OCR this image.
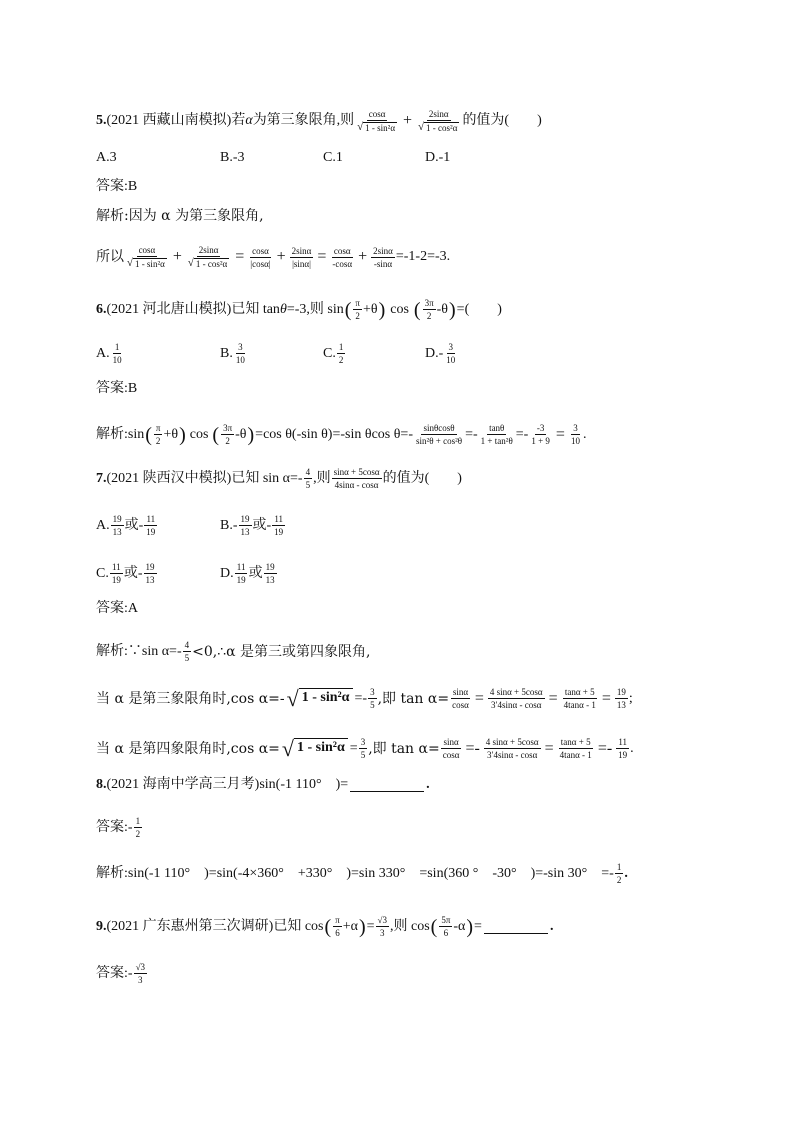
5. (2021 西藏山南模拟)若 α 为第三象限角,则 $\frac{\cos\alpha}{\text{√ 1 - sin²α}} + \frac{2\sin\alpha}{\text{√ 1 - cos²α}}$ 的值为(　　)
A.3	B.-3	C.1	D.-1
答案:B
解析:因为 α 为第三象限角,
所以 $\frac{\cos\alpha}{\text{√ 1 - sin²α}} + \frac{2\sin\alpha}{\text{√ 1 - cos²α}} = \frac{\cos\alpha}{|\cos\alpha|} + \frac{2\sin\alpha}{|\sin\alpha|} = \frac{\cos\alpha}{-\cos\alpha} + \frac{2\sin\alpha}{-\sin\alpha} =-1-2=-3$.
6. (2021 河北唐山模拟)已知 tan θ =-3,则 sin ( $\frac{\pi}{2} +\theta$ ) cos ( $\frac{3\pi}{2} -\theta$ ) =(　　)
A. $\frac{1}{10}$	B. $\frac{3}{10}$	C. $\frac{1}{2}$	$D.- \frac{3}{10}$
答案:B
解析:sin ( $\frac{\pi}{2} +\theta$ ) cos ( $\frac{3\pi}{2} -\theta$ ) =cos θ(-sin θ)=-sin θcos $\theta=- \frac{\sin\theta\cos\theta}{\text{sin²θ + cos²θ}} =- \frac{\tan\theta}{\text{1 + tan²θ}} =- \frac{-3}{1 + 9} = \frac{3}{10}$ .
7. (2021 陕西汉中模拟)已知 $\sin \alpha=- \frac{4}{5}$ ,则 $\frac{\sin\alpha + 5\cos\alpha}{4\sin\alpha - \cos\alpha}$ 的值为(　　)
A. $\frac{19}{13}$ 或- $\frac{11}{19}$	$B.- \frac{19}{13}$ 或- $\frac{11}{19}$
C. $\frac{11}{19}$ 或- $\frac{19}{13}$	D. $\frac{11}{19}$ 或 $\frac{19}{13}$
答案:A
解析:∵sin $\alpha=- \frac{4}{5}$ <0,∴α 是第三或第四象限角,
当 α 是第三象限角时,cos α=- √ $1 - \sin^2\alpha =- \frac{3}{5}$ ,即 $\tan \alpha= \frac{\sin\alpha}{\cos\alpha} = \frac{4 \sin\alpha + 5\cos\alpha}{3'4\sin\alpha - \cos\alpha} = \frac{\tan\alpha + 5}{4\tan\alpha - 1} = \frac{19}{13}$ ;
当 α 是第四象限角时,cos α= √ $1 - \sin^2\alpha = \frac{3}{5}$ ,即 $\tan \alpha= \frac{\sin\alpha}{\cos\alpha} =- \frac{4 \sin\alpha + 5\cos\alpha}{3'4\sin\alpha - \cos\alpha} = \frac{\tan\alpha + 5}{4\tan\alpha - 1} =- \frac{11}{19}$ .
8. (2021 海南中学高三月考)sin(-1 110°　)=	.
答案:- $\frac{1}{2}$
解析:sin(-1 110°　)=sin(-4×360°　+330°　)=sin 330°　=sin(360 °　-30°　)=-sin 30°　=- $\frac{1}{2}$ .
9. (2021 广东惠州第三次调研)已知 cos ( $\frac{\pi}{6} +\alpha$ ) = $\frac{√3}{3}$ ,则 cos ( $\frac{5\pi}{6} -\alpha$ ) =	.
答案:- $\frac{√3}{3}$
